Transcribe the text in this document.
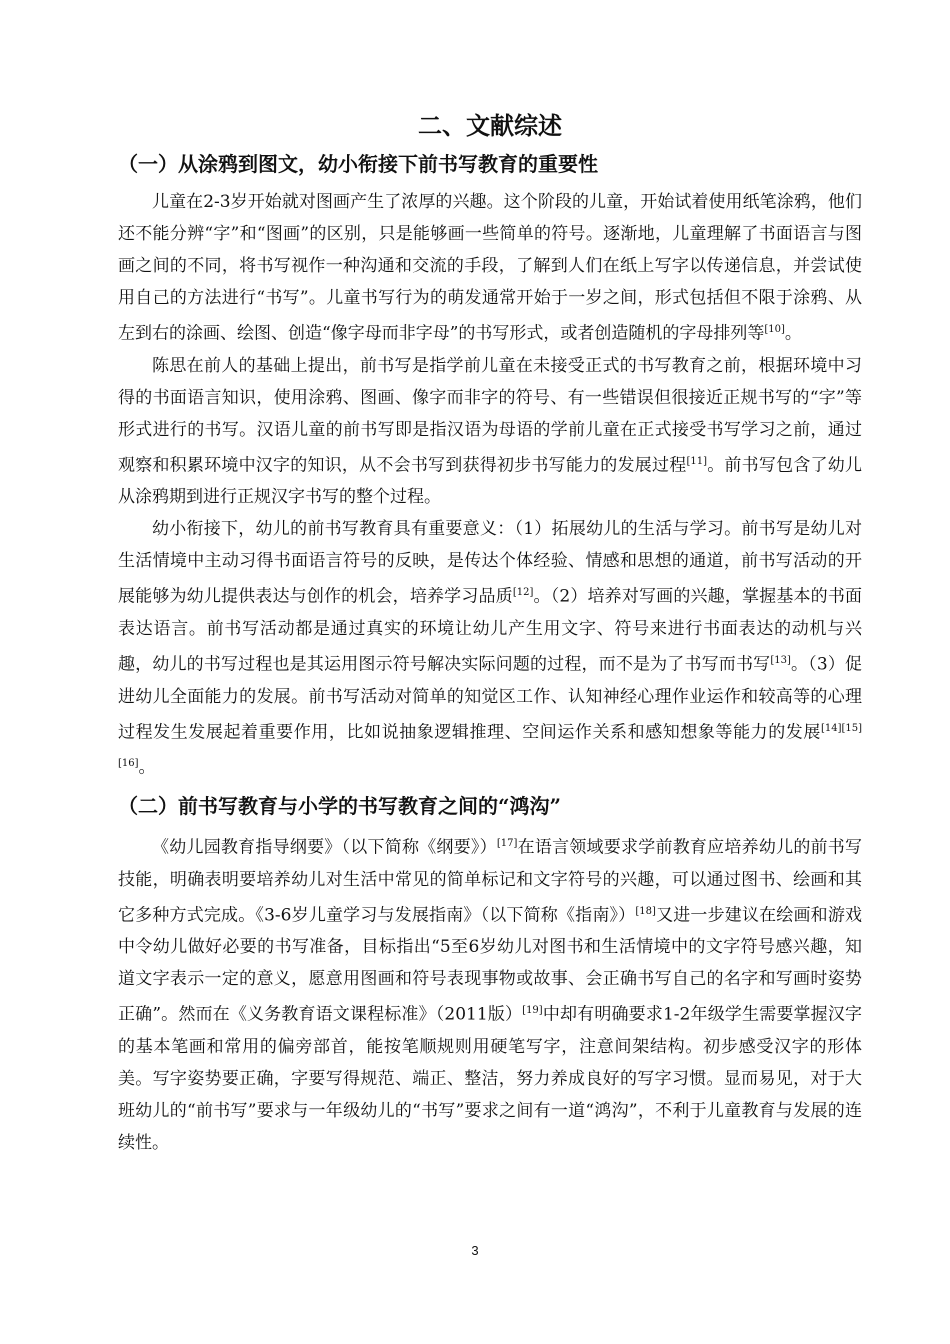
二、文献综述
（一）从涂鸦到图文，幼小衔接下前书写教育的重要性

儿童在2-3岁开始就对图画产生了浓厚的兴趣。这个阶段的儿童，开始试着使用纸笔涂鸦，他们还不能分辨“字”和“图画”的区别，只是能够画一些简单的符号。逐渐地，儿童理解了书面语言与图画之间的不同，将书写视作一种沟通和交流的手段，了解到人们在纸上写字以传递信息，并尝试使用自己的方法进行“书写”。儿童书写行为的萌发通常开始于一岁之间，形式包括但不限于涂鸦、从左到右的涂画、绘图、创造“像字母而非字母”的书写形式，或者创造随机的字母排列等[10]。

陈思在前人的基础上提出，前书写是指学前儿童在未接受正式的书写教育之前，根据环境中习得的书面语言知识，使用涂鸦、图画、像字而非字的符号、有一些错误但很接近正规书写的“字”等形式进行的书写。汉语儿童的前书写即是指汉语为母语的学前儿童在正式接受书写学习之前，通过观察和积累环境中汉字的知识，从不会书写到获得初步书写能力的发展过程[11]。前书写包含了幼儿从涂鸦期到进行正规汉字书写的整个过程。

幼小衔接下，幼儿的前书写教育具有重要意义：（1）拓展幼儿的生活与学习。前书写是幼儿对生活情境中主动习得书面语言符号的反映，是传达个体经验、情感和思想的通道，前书写活动的开展能够为幼儿提供表达与创作的机会，培养学习品质[12]。（2）培养对写画的兴趣，掌握基本的书面表达语言。前书写活动都是通过真实的环境让幼儿产生用文字、符号来进行书面表达的动机与兴趣，幼儿的书写过程也是其运用图示符号解决实际问题的过程，而不是为了书写而书写[13]。（3）促进幼儿全面能力的发展。前书写活动对简单的知觉区工作、认知神经心理作业运作和较高等的心理过程发生发展起着重要作用，比如说抽象逻辑推理、空间运作关系和感知想象等能力的发展[14][15][16]。

（二）前书写教育与小学的书写教育之间的“鸿沟”

《幼儿园教育指导纲要》（以下简称《纲要》）[17]在语言领域要求学前教育应培养幼儿的前书写技能，明确表明要培养幼儿对生活中常见的简单标记和文字符号的兴趣，可以通过图书、绘画和其它多种方式完成。《3-6岁儿童学习与发展指南》（以下简称《指南》）[18]又进一步建议在绘画和游戏中令幼儿做好必要的书写准备，目标指出“5至6岁幼儿对图书和生活情境中的文字符号感兴趣，知道文字表示一定的意义，愿意用图画和符号表现事物或故事、会正确书写自己的名字和写画时姿势正确”。然而在《义务教育语文课程标准》（2011版）[19]中却有明确要求1-2年级学生需要掌握汉字的基本笔画和常用的偏旁部首，能按笔顺规则用硬笔写字，注意间架结构。初步感受汉字的形体美。写字姿势要正确，字要写得规范、端正、整洁，努力养成良好的写字习惯。显而易见，对于大班幼儿的“前书写”要求与一年级幼儿的“书写”要求之间有一道“鸿沟”，不利于儿童教育与发展的连续性。

3
